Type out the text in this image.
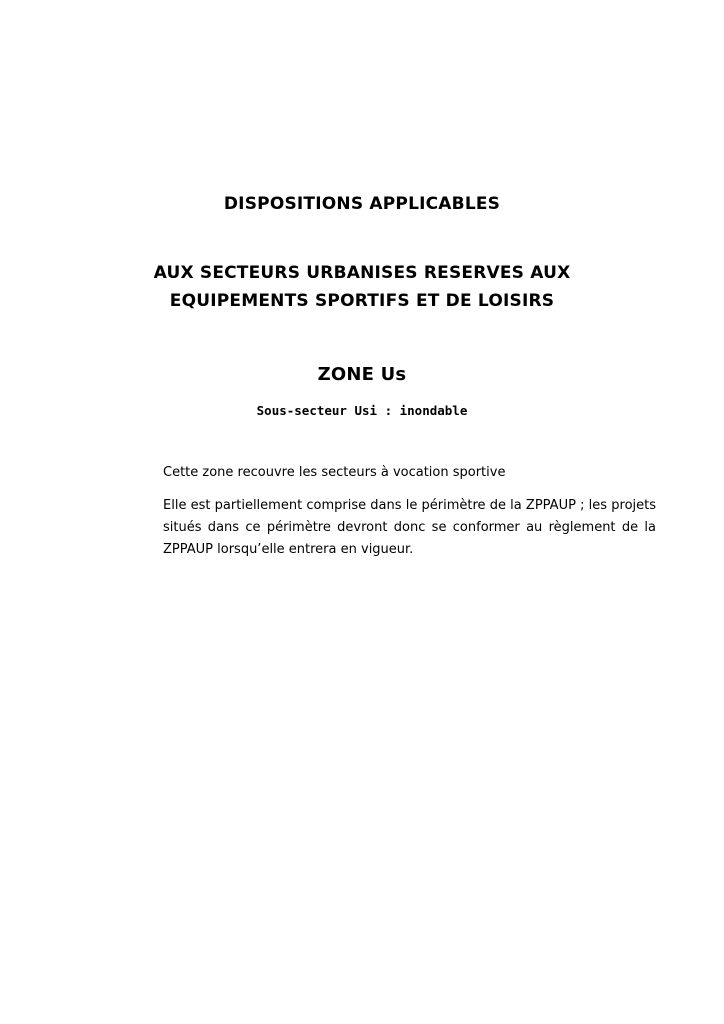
DISPOSITIONS APPLICABLES
AUX SECTEURS URBANISES RESERVES AUX
EQUIPEMENTS SPORTIFS ET DE LOISIRS
ZONE Us
Sous-secteur Usi : inondable
Cette zone recouvre les secteurs à vocation sportive
Elle est partiellement comprise dans le périmètre de la ZPPAUP ; les projets situés dans ce périmètre devront donc se conformer au règlement de la ZPPAUP lorsqu’elle entrera en vigueur.
